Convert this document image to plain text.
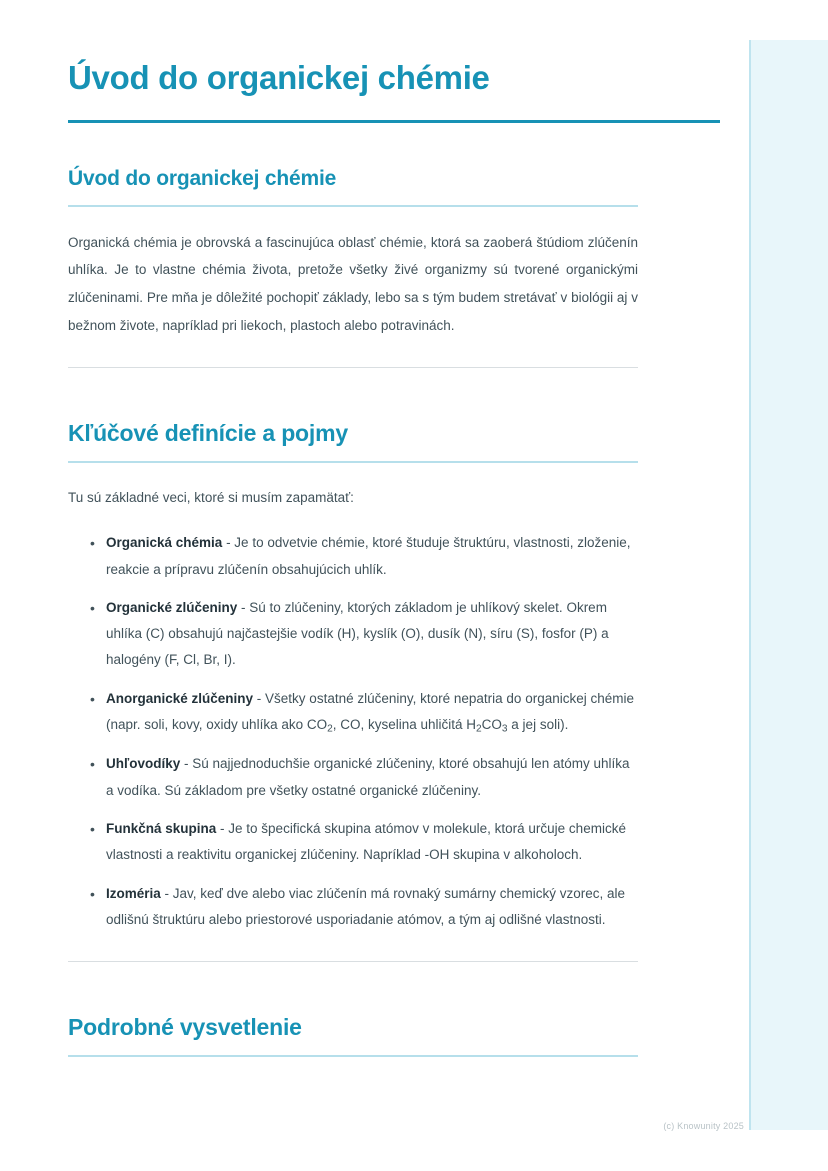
Úvod do organickej chémie
Úvod do organickej chémie

Organická chémia je obrovská a fascinujúca oblasť chémie, ktorá sa zaoberá štúdiom zlúčenín uhlíka. Je to vlastne chémia života, pretože všetky živé organizmy sú tvorené organickými zlúčeninami. Pre mňa je dôležité pochopiť základy, lebo sa s tým budem stretávať v biológii aj v bežnom živote, napríklad pri liekoch, plastoch alebo potravinách.

Kľúčové definície a pojmy

Tu sú základné veci, ktoré si musím zapamätať:

• Organická chémia - Je to odvetvie chémie, ktoré študuje štruktúru, vlastnosti, zloženie, reakcie a prípravu zlúčenín obsahujúcich uhlík.
• Organické zlúčeniny - Sú to zlúčeniny, ktorých základom je uhlíkový skelet. Okrem uhlíka (C) obsahujú najčastejšie vodík (H), kyslík (O), dusík (N), síru (S), fosfor (P) a halogény (F, Cl, Br, I).
• Anorganické zlúčeniny - Všetky ostatné zlúčeniny, ktoré nepatria do organickej chémie (napr. soli, kovy, oxidy uhlíka ako $CO_2$, CO, kyselina uhličitá $H_2CO_3$ a jej soli).
• Uhľovodíky - Sú najjednoduchšie organické zlúčeniny, ktoré obsahujú len atómy uhlíka a vodíka. Sú základom pre všetky ostatné organické zlúčeniny.
• Funkčná skupina - Je to špecifická skupina atómov v molekule, ktorá určuje chemické vlastnosti a reaktivitu organickej zlúčeniny. Napríklad -OH skupina v alkoholoch.
• Izoméria - Jav, keď dve alebo viac zlúčenín má rovnaký sumárny chemický vzorec, ale odlišnú štruktúru alebo priestorové usporiadanie atómov, a tým aj odlišné vlastnosti.
Podrobné vysvetlenie
(c) Knowunity 2025
